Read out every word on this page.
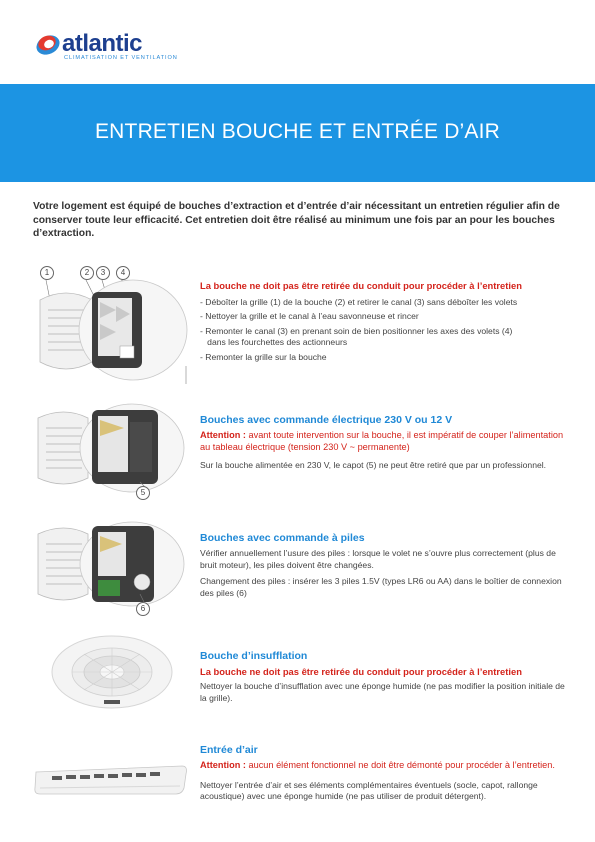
atlantic
CLIMATISATION ET VENTILATION
ENTRETIEN BOUCHE ET ENTRÉE D’AIR
Votre logement est équipé de bouches d’extraction et d’entrée d’air nécessitant un entretien régulier afin de conserver toute leur efficacité. Cet entretien doit être réalisé au minimum une fois par an pour les bouches d’extraction.
1	2	3	4

La bouche ne doit pas être retirée du conduit pour procéder à l’entretien

- Déboîter la grille (1) de la bouche (2) et retirer le canal (3) sans déboîter les volets

- Nettoyer la grille et le canal à l’eau savonneuse et rincer

- Remonter le canal (3) en prenant soin de bien positionner les axes des volets (4)

dans les fourchettes des actionneurs

- Remonter la grille sur la bouche

5

Bouches avec commande électrique 230 V ou 12 V

Attention : avant toute intervention sur la bouche, il est impératif de couper l’alimentation au tableau électrique (tension 230 V ~ permanente)

Sur la bouche alimentée en 230 V, le capot (5) ne peut être retiré que par un professionnel.

6

Bouches avec commande à piles

Vérifier annuellement l’usure des piles : lorsque le volet ne s’ouvre plus correctement (plus de bruit moteur), les piles doivent être changées.

Changement des piles : insérer les 3 piles 1.5V (types LR6 ou AA) dans le boîtier de connexion des piles (6)

Bouche d’insufflation

La bouche ne doit pas être retirée du conduit pour procéder à l’entretien

Nettoyer la bouche d’insufflation avec une éponge humide (ne pas modifier la position initiale de la grille).

Entrée d’air

Attention : aucun élément fonctionnel ne doit être démonté pour procéder à l’entretien.

Nettoyer l’entrée d’air et ses éléments complémentaires éventuels (socle, capot, rallonge acoustique) avec une éponge humide (ne pas utiliser de produit détergent).
